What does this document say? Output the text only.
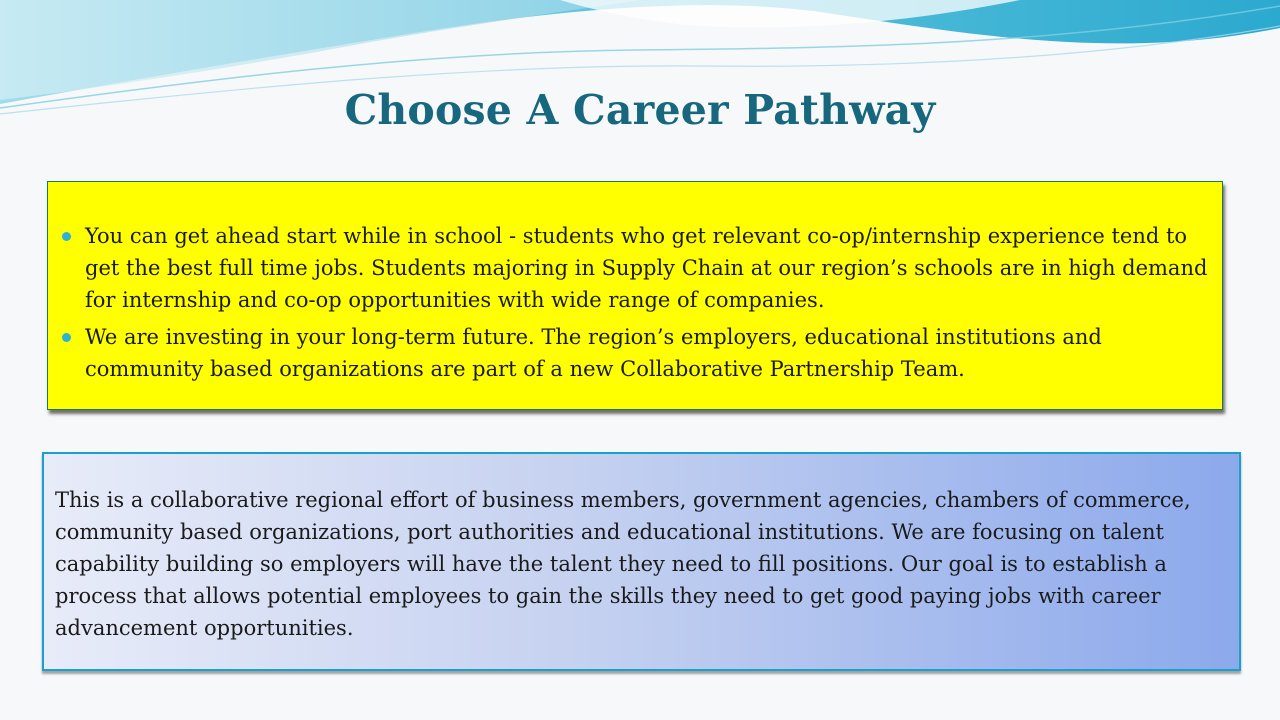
Choose A Career Pathway
You can get ahead start while in school - students who get relevant co-op/internship experience tend to get the best full time jobs. Students majoring in Supply Chain at our region’s schools are in high demand for internship and co-op opportunities with wide range of companies.
We are investing in your long-term future. The region’s employers, educational institutions and community based organizations are part of a new Collaborative Partnership Team.

This is a collaborative regional effort of business members, government agencies, chambers of commerce, community based organizations, port authorities and educational institutions. We are focusing on talent capability building so employers will have the talent they need to fill positions. Our goal is to establish a process that allows potential employees to gain the skills they need to get good paying jobs with career advancement opportunities..
